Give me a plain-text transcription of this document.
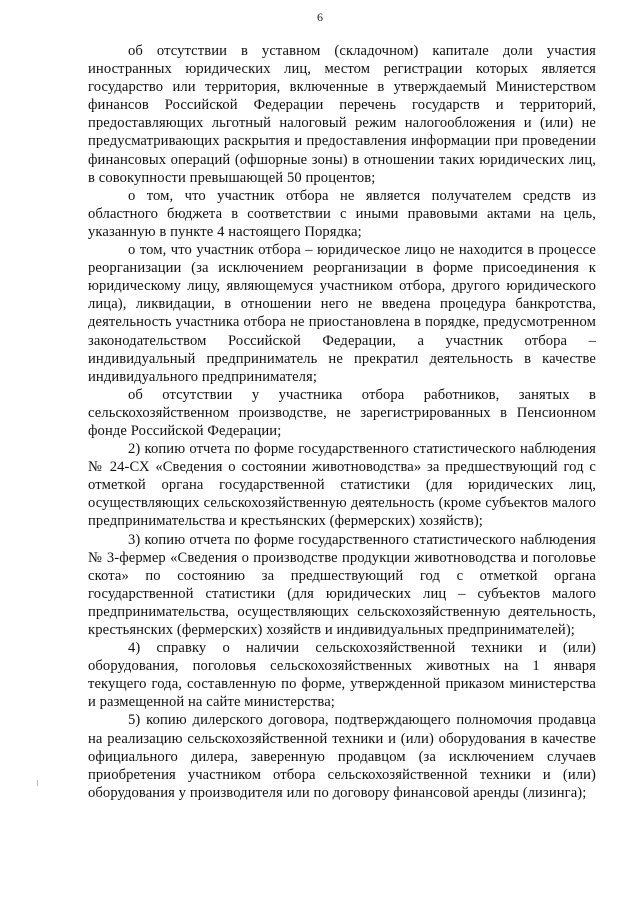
6

об отсутствии в уставном (складочном) капитале доли участия иностранных юридических лиц, местом регистрации которых является государство или территория, включенные в утверждаемый Министерством финансов Российской Федерации перечень государств и территорий, предоставляющих льготный налоговый режим налогообложения и (или) не предусматривающих раскрытия и предоставления информации при проведении финансовых операций (офшорные зоны) в отношении таких юридических лиц, в совокупности превышающей 50 процентов;

о том, что участник отбора не является получателем средств из областного бюджета в соответствии с иными правовыми актами на цель, указанную в пункте 4 настоящего Порядка;

о том, что участник отбора – юридическое лицо не находится в процессе реорганизации (за исключением реорганизации в форме присоединения к юридическому лицу, являющемуся участником отбора, другого юридического лица), ликвидации, в отношении него не введена процедура банкротства, деятельность участника отбора не приостановлена в порядке, предусмотренном законодательством Российской Федерации, а участник отбора – индивидуальный предприниматель не прекратил деятельность в качестве индивидуального предпринимателя;

об отсутствии у участника отбора работников, занятых в сельскохозяйственном производстве, не зарегистрированных в Пенсионном фонде Российской Федерации;

2) копию отчета по форме государственного статистического наблюдения № 24-СХ «Сведения о состоянии животноводства» за предшествующий год с отметкой органа государственной статистики (для юридических лиц, осуществляющих сельскохозяйственную деятельность (кроме субъектов малого предпринимательства и крестьянских (фермерских) хозяйств);

3) копию отчета по форме государственного статистического наблюдения № 3-фермер «Сведения о производстве продукции животноводства и поголовье скота» по состоянию за предшествующий год с отметкой органа государственной статистики (для юридических лиц – субъектов малого предпринимательства, осуществляющих сельскохозяйственную деятельность, крестьянских (фермерских) хозяйств и индивидуальных предпринимателей);

4) справку о наличии сельскохозяйственной техники и (или) оборудования, поголовья сельскохозяйственных животных на 1 января текущего года, составленную по форме, утвержденной приказом министерства и размещенной на сайте министерства;

5) копию дилерского договора, подтверждающего полномочия продавца на реализацию сельскохозяйственной техники и (или) оборудования в качестве официального дилера, заверенную продавцом (за исключением случаев приобретения участником отбора сельскохозяйственной техники и (или) оборудования у производителя или по договору финансовой аренды (лизинга);
